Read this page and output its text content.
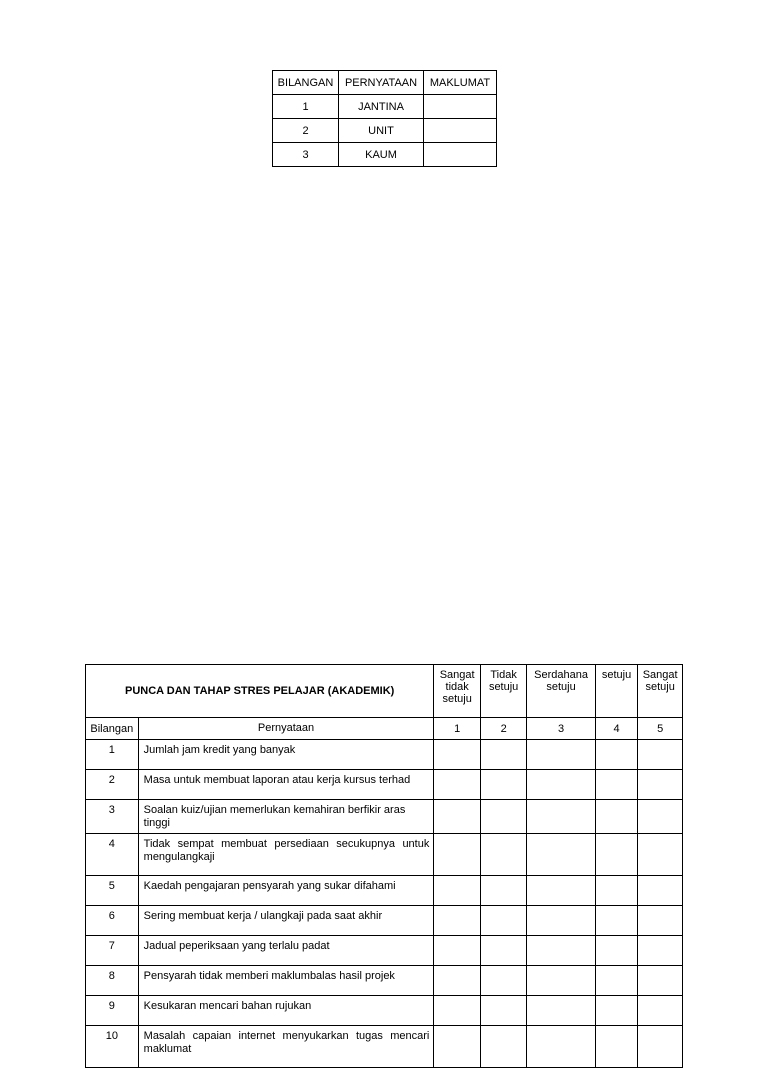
BILANGAN	PERNYATAAN	MAKLUMAT
1	JANTINA	
2	UNIT	
3	KAUM	
PUNCA DAN TAHAP STRES PELAJAR (AKADEMIK)		Sangat tidak setuju	Tidak setuju	Serdahana setuju	setuju	Sangat setuju
Bilangan	Pernyataan	1	2	3	4	5
1	Jumlah jam kredit yang banyak					
2	Masa untuk membuat laporan atau kerja kursus terhad					
3	Soalan kuiz/ujian memerlukan kemahiran berfikir aras tinggi					
4	Tidak sempat membuat persediaan secukupnya untuk mengulangkaji					
5	Kaedah pengajaran pensyarah yang sukar difahami					
6	Sering membuat kerja / ulangkaji pada saat akhir					
7	Jadual peperiksaan yang terlalu padat					
8	Pensyarah tidak memberi maklumbalas hasil projek					
9	Kesukaran mencari bahan rujukan					
10	Masalah capaian internet menyukarkan tugas mencari maklumat					
